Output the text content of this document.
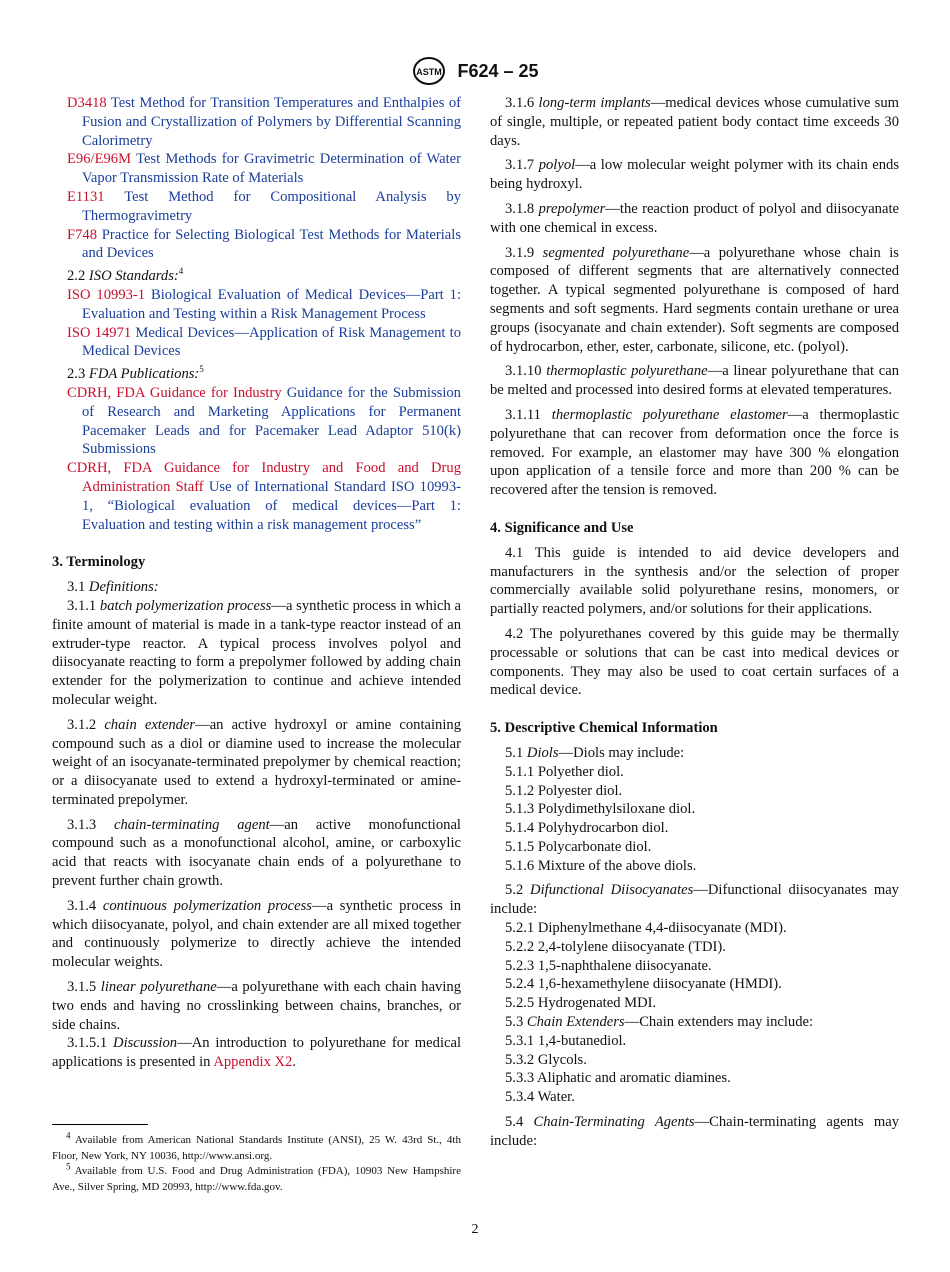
ASTM F624 – 25

D3418 Test Method for Transition Temperatures and Enthalpies of Fusion and Crystallization of Polymers by Differential Scanning Calorimetry

E96/E96M Test Methods for Gravimetric Determination of Water Vapor Transmission Rate of Materials

E1131 Test Method for Compositional Analysis by Thermogravimetry

F748 Practice for Selecting Biological Test Methods for Materials and Devices

2.2 ISO Standards:$^4$

ISO 10993-1 Biological Evaluation of Medical Devices—Part 1: Evaluation and Testing within a Risk Management Process

ISO 14971 Medical Devices—Application of Risk Management to Medical Devices

2.3 FDA Publications:$^5$

CDRH, FDA Guidance for Industry Guidance for the Submission of Research and Marketing Applications for Permanent Pacemaker Leads and for Pacemaker Lead Adaptor 510(k) Submissions

CDRH, FDA Guidance for Industry and Food and Drug Administration Staff Use of International Standard ISO 10993-1, “Biological evaluation of medical devices—Part 1: Evaluation and testing within a risk management process”

3. Terminology

3.1 Definitions:

3.1.1 batch polymerization process—a synthetic process in which a finite amount of material is made in a tank-type reactor instead of an extruder-type reactor. A typical process involves polyol and diisocyanate reacting to form a prepolymer followed by adding chain extender for the polymerization to continue and achieve intended molecular weight.

3.1.2 chain extender—an active hydroxyl or amine containing compound such as a diol or diamine used to increase the molecular weight of an isocyanate-terminated prepolymer by chemical reaction; or a diisocyanate used to extend a hydroxyl-terminated or amine-terminated prepolymer.

3.1.3 chain-terminating agent—an active monofunctional compound such as a monofunctional alcohol, amine, or carboxylic acid that reacts with isocyanate chain ends of a polyurethane to prevent further chain growth.

3.1.4 continuous polymerization process—a synthetic process in which diisocyanate, polyol, and chain extender are all mixed together and continuously polymerize to directly achieve the intended molecular weights.

3.1.5 linear polyurethane—a polyurethane with each chain having two ends and having no crosslinking between chains, branches, or side chains.

3.1.5.1 Discussion—An introduction to polyurethane for medical applications is presented in Appendix X2.

$^4$ Available from American National Standards Institute (ANSI), 25 W. 43rd St., 4th Floor, New York, NY 10036, http://www.ansi.org.

$^5$ Available from U.S. Food and Drug Administration (FDA), 10903 New Hampshire Ave., Silver Spring, MD 20993, http://www.fda.gov.

3.1.6 long-term implants—medical devices whose cumulative sum of single, multiple, or repeated patient body contact time exceeds 30 days.

3.1.7 polyol—a low molecular weight polymer with its chain ends being hydroxyl.

3.1.8 prepolymer—the reaction product of polyol and diisocyanate with one chemical in excess.

3.1.9 segmented polyurethane—a polyurethane whose chain is composed of different segments that are alternatively connected together. A typical segmented polyurethane is composed of hard segments and soft segments. Hard segments contain urethane or urea groups (isocyanate and chain extender). Soft segments are composed of hydrocarbon, ether, ester, carbonate, silicone, etc. (polyol).

3.1.10 thermoplastic polyurethane—a linear polyurethane that can be melted and processed into desired forms at elevated temperatures.

3.1.11 thermoplastic polyurethane elastomer—a thermoplastic polyurethane that can recover from deformation once the force is removed. For example, an elastomer may have 300 % elongation upon application of a tensile force and more than 200 % can be recovered after the tension is removed.

4. Significance and Use

4.1 This guide is intended to aid device developers and manufacturers in the synthesis and/or the selection of proper commercially available solid polyurethane resins, monomers, or partially reacted polymers, and/or solutions for their applications.

4.2 The polyurethanes covered by this guide may be thermally processable or solutions that can be cast into medical devices or components. They may also be used to coat certain surfaces of a medical device.

5. Descriptive Chemical Information

5.1 Diols—Diols may include:

5.1.1 Polyether diol.

5.1.2 Polyester diol.

5.1.3 Polydimethylsiloxane diol.

5.1.4 Polyhydrocarbon diol.

5.1.5 Polycarbonate diol.

5.1.6 Mixture of the above diols.

5.2 Difunctional Diisocyanates—Difunctional diisocyanates may include:

5.2.1 Diphenylmethane 4,4-diisocyanate (MDI).

5.2.2 2,4-tolylene diisocyanate (TDI).

5.2.3 1,5-naphthalene diisocyanate.

5.2.4 1,6-hexamethylene diisocyanate (HMDI).

5.2.5 Hydrogenated MDI.

5.3 Chain Extenders—Chain extenders may include:

5.3.1 1,4-butanediol.

5.3.2 Glycols.

5.3.3 Aliphatic and aromatic diamines.

5.3.4 Water.

5.4 Chain-Terminating Agents—Chain-terminating agents may include:

2
